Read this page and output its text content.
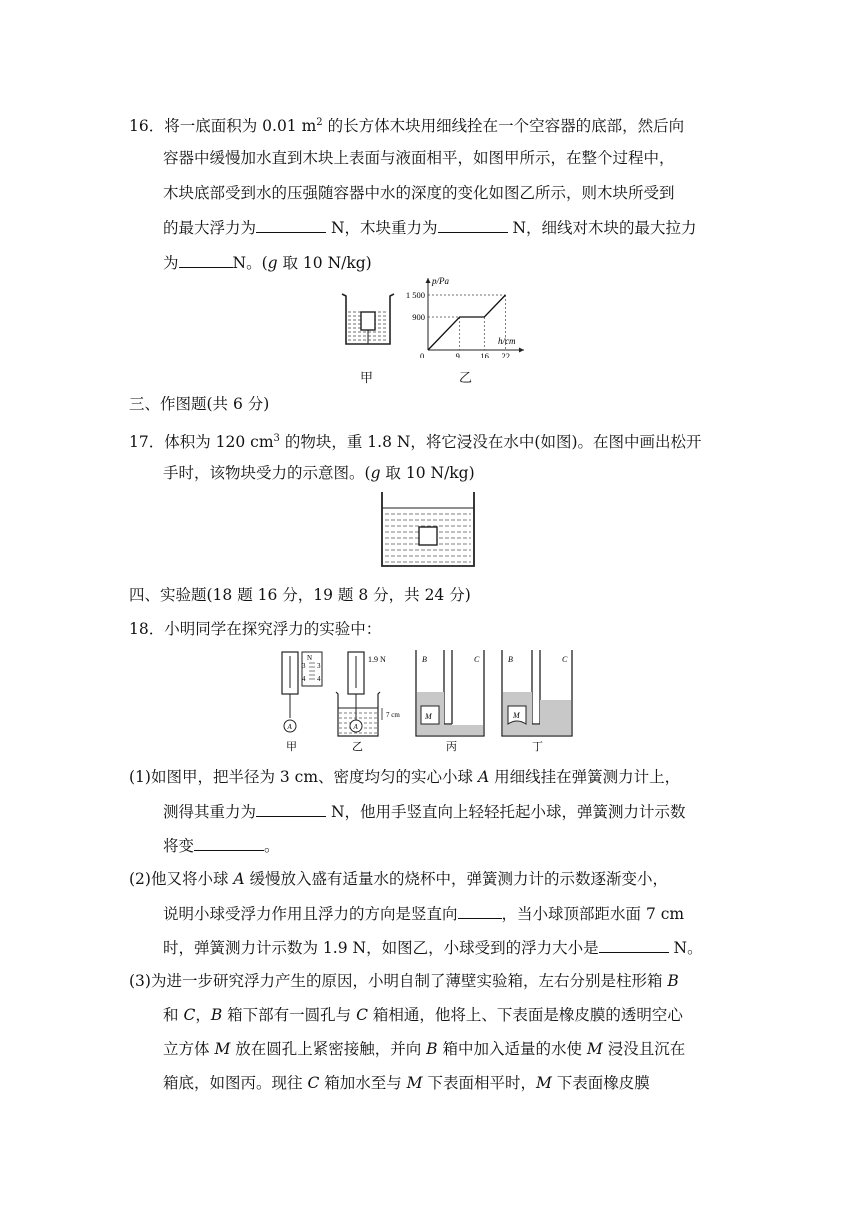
16．将一底面积为 0.01 $m^2$ 的长方体木块用细线拴在一个空容器的底部，然后向
容器中缓慢加水直到木块上表面与液面相平，如图甲所示，在整个过程中，
木块底部受到水的压强随容器中水的深度的变化如图乙所示，则木块所受到
的最大浮力为	N，木块重力为	N，细线对木块的最大拉力
为	N。(g 取 10 N/kg)
甲
p/Pa
h/cm
0	9 16 22
900
1 500
乙
三、作图题(共 6 分)
17．体积为 120 $cm^3$ 的物块，重 1.8 N，将它浸没在水中(如图)。在图中画出松开
手时，该物块受力的示意图。(g 取 10 N/kg)
四、实验题(18 题 16 分，19 题 8 分，共 24 分)
18．小明同学在探究浮力的实验中：
A
N
3
4
3
4
甲
1.9 N
A
7 cm
乙
M
B	C
丙
M
B	C
丁
(1)如图甲，把半径为 3 cm、密度均匀的实心小球 A 用细线挂在弹簧测力计上，
测得其重力为	N，他用手竖直向上轻轻托起小球，弹簧测力计示数
将变	。
(2)他又将小球 A 缓慢放入盛有适量水的烧杯中，弹簧测力计的示数逐渐变小，
说明小球受浮力作用且浮力的方向是竖直向	，当小球顶部距水面 7 cm
时，弹簧测力计示数为 1.9 N，如图乙，小球受到的浮力大小是	N。
(3)为进一步研究浮力产生的原因，小明自制了薄壁实验箱，左右分别是柱形箱 B
和 C，B 箱下部有一圆孔与 C 箱相通，他将上、下表面是橡皮膜的透明空心
立方体 M 放在圆孔上紧密接触，并向 B 箱中加入适量的水使 M 浸没且沉在
箱底，如图丙。现往 C 箱加水至与 M 下表面相平时，M 下表面橡皮膜
